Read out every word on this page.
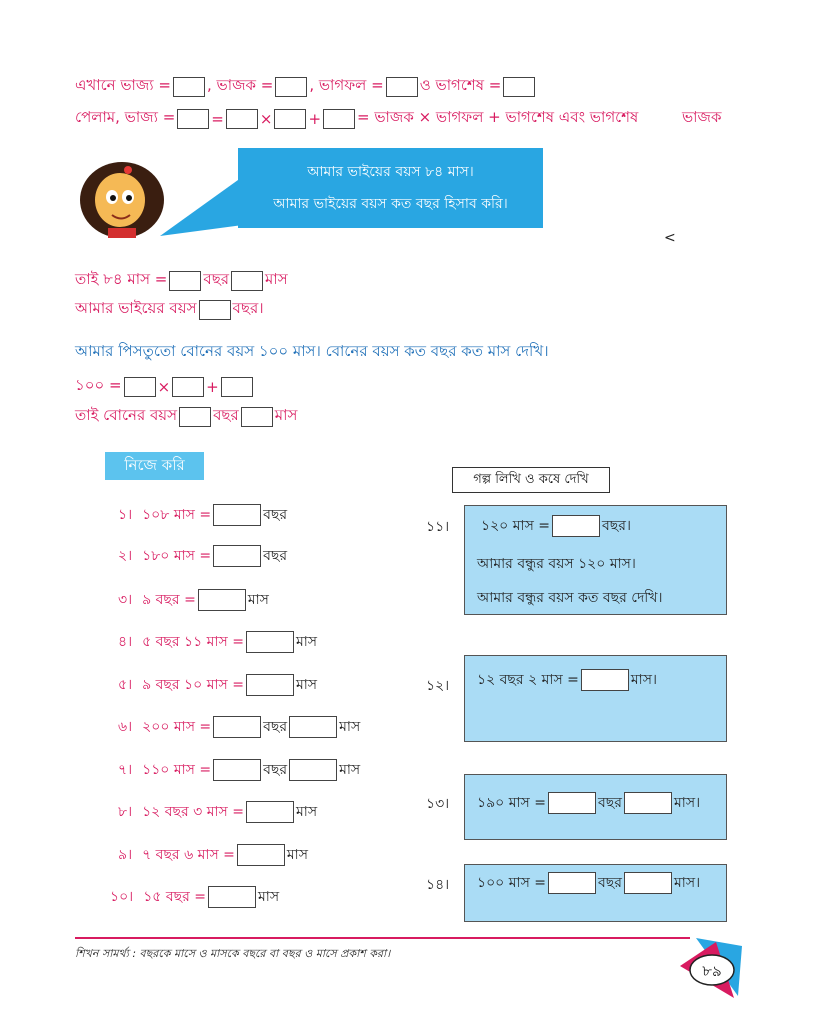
এখানে ভাজ্য = , ভাজক = , ভাগফল = ও ভাগশেষ =
পেলাম, ভাজ্য = = × + = ভাজক × ভাগফল + ভাগশেষ এবং ভাগশেষ	ভাজক
আমার ভাইয়ের বয়স ৮৪ মাস।
আমার ভাইয়ের বয়স কত বছর হিসাব করি।
<
তাই ৮৪ মাস = বছর মাস
আমার ভাইয়ের বয়স বছর।
আমার পিসতুতো বোনের বয়স ১০০ মাস। বোনের বয়স কত বছর কত মাস দেখি।
১০০ = × +
তাই বোনের বয়স বছর মাস
নিজে করি
গল্প লিখি ও কষে দেখি
১। ১০৮ মাস =	বছর
২। ১৮০ মাস =	বছর
৩। ৯ বছর =	মাস
৪। ৫ বছর ১১ মাস =	মাস
৫। ৯ বছর ১০ মাস =	মাস
৬। ২০০ মাস =	বছর	মাস
৭। ১১০ মাস =	বছর	মাস
৮। ১২ বছর ৩ মাস =	মাস
৯। ৭ বছর ৬ মাস =	মাস
১০। ১৫ বছর =	মাস
১১। ১২০ মাস =	বছর।
আমার বন্ধুর বয়স ১২০ মাস।
আমার বন্ধুর বয়স কত বছর দেখি।
১২। ১২ বছর ২ মাস =	মাস।
১৩। ১৯০ মাস =	বছর	মাস।
১৪। ১০০ মাস =	বছর	মাস।
শিখন সামর্থ্য : বছরকে মাসে ও মাসকে বছরে বা বছর ও মাসে প্রকাশ করা।
৮৯
